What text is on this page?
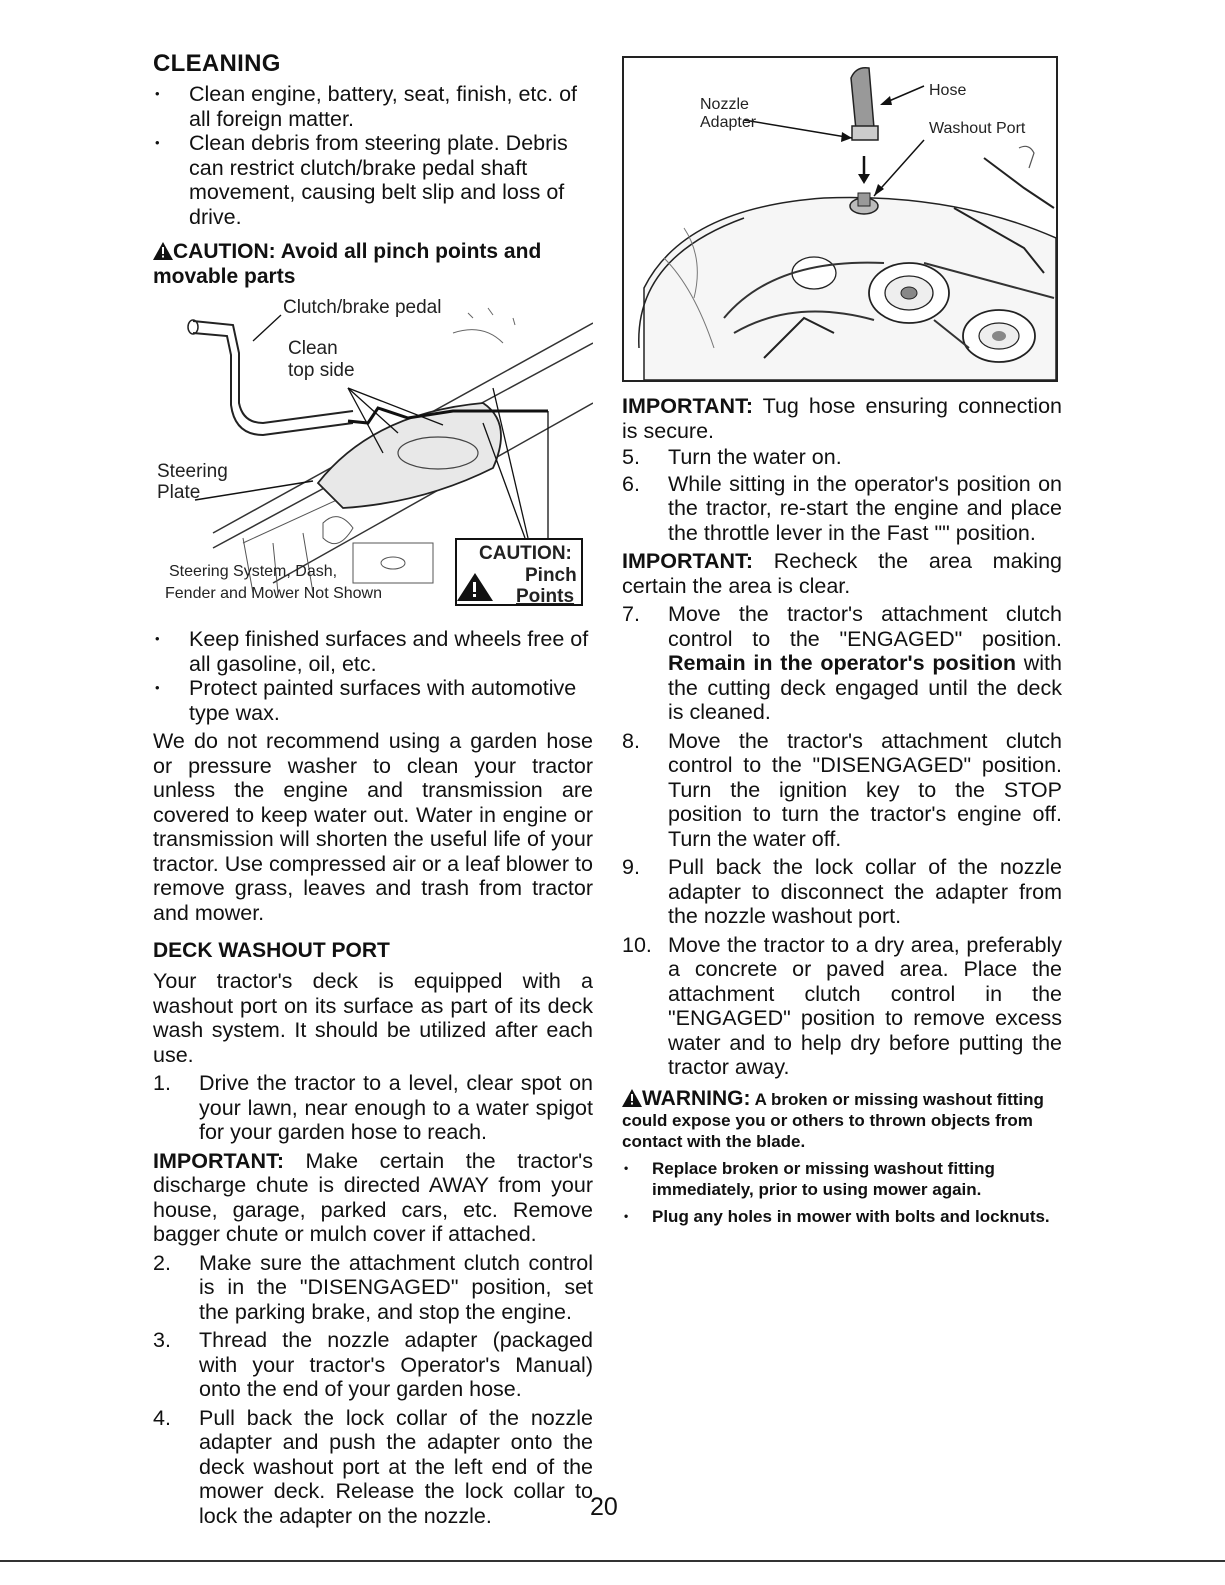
CLEANING
• Clean engine, battery, seat, finish, etc. of all foreign matter.
• Clean debris from steering plate. Debris can restrict clutch/brake pedal shaft movement, causing belt slip and loss of drive.
CAUTION: Avoid all pinch points and movable parts
Clutch/brake pedal
Clean
top side
Steering
Plate
Steering System, Dash,
Fender and Mower Not Shown
CAUTION:
Pinch
Points
• Keep finished surfaces and wheels free of all gasoline, oil, etc.
• Protect painted surfaces with automotive type wax.

We do not recommend using a garden hose or pressure washer to clean your tractor unless the engine and transmission are covered to keep water out. Water in engine or transmission will shorten the useful life of your tractor. Use compressed air or a leaf blower to remove grass, leaves and trash from tractor and mower.

DECK WASHOUT PORT

Your tractor's deck is equipped with a washout port on its surface as part of its deck wash system. It should be utilized after each use.

1. Drive the tractor to a level, clear spot on your lawn, near enough to a water spigot for your garden hose to reach.

IMPORTANT: Make certain the tractor's discharge chute is directed AWAY from your house, garage, parked cars, etc. Remove bagger chute or mulch cover if attached.

2. Make sure the attachment clutch control is in the "DISENGAGED" position, set the parking brake, and stop the engine.
3. Thread the nozzle adapter (packaged with your tractor's Operator's Manual) onto the end of your garden hose.
4. Pull back the lock collar of the nozzle adapter and push the adapter onto the deck washout port at the left end of the mower deck. Release the lock collar to lock the adapter on the nozzle.
Nozzle
Adapter
Hose
Washout Port

IMPORTANT: Tug hose ensuring connection is secure.

5. Turn the water on.
6. While sitting in the operator's position on the tractor, re-start the engine and place the throttle lever in the Fast "" position.

IMPORTANT: Recheck the area making certain the area is clear.

7. Move the tractor's attachment clutch control to the "ENGAGED" position. Remain in the operator's position with the cutting deck engaged until the deck is cleaned.
8. Move the tractor's attachment clutch control to the "DISENGAGED" position. Turn the ignition key to the STOP position to turn the tractor's engine off. Turn the water off.
9. Pull back the lock collar of the nozzle adapter to disconnect the adapter from the nozzle washout port.
10. Move the tractor to a dry area, preferably a concrete or paved area. Place the attachment clutch control in the "ENGAGED" position to remove excess water and to help dry before putting the tractor away.
WARNING: A broken or missing washout fitting could expose you or others to thrown objects from contact with the blade.
• Replace broken or missing washout fitting immediately, prior to using mower again.
• Plug any holes in mower with bolts and locknuts.
20
